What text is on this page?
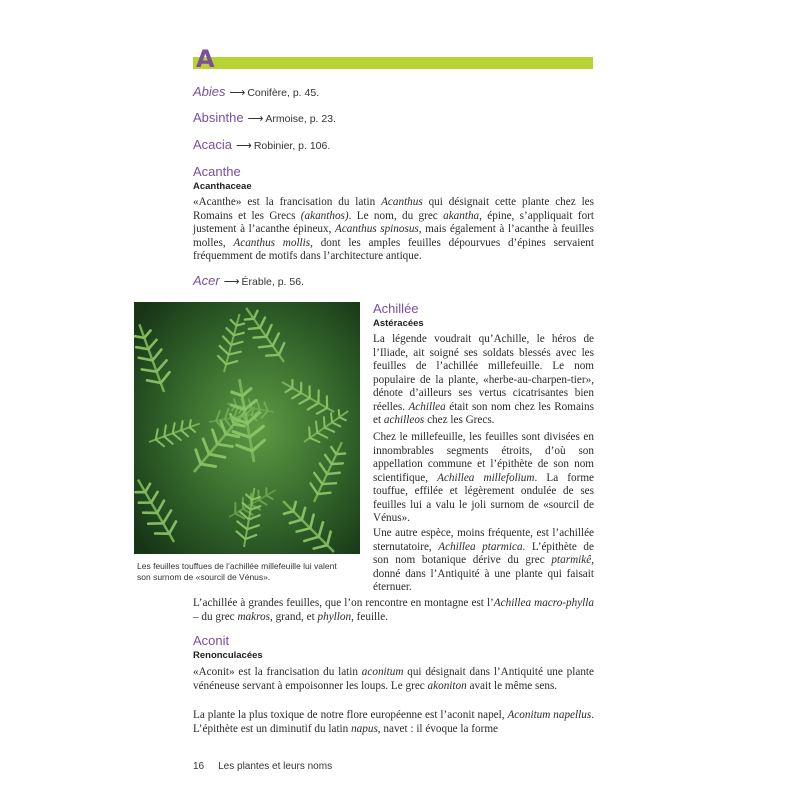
A
Abies ⟶ Conifère, p. 45.
Absinthe ⟶ Armoise, p. 23.
Acacia ⟶ Robinier, p. 106.
Acanthe
Acanthaceae

«Acanthe» est la francisation du latin Acanthus qui désignait cette plante chez les Romains et les Grecs (akanthos). Le nom, du grec akantha, épine, s’appliquait fort justement à l’acanthe épineux, Acanthus spinosus, mais également à l’acanthe à feuilles molles, Acanthus mollis, dont les amples feuilles dépourvues d’épines servaient fréquemment de motifs dans l’architecture antique.

Acer ⟶ Érable, p. 56.

Les feuilles touffues de l’achillée millefeuille lui valent son surnom de «sourcil de Vénus».

Achillée
Astéracées

La légende voudrait qu’Achille, le héros de l’Iliade, ait soigné ses soldats blessés avec les feuilles de l’achillée millefeuille. Le nom populaire de la plante, «herbe-au-charpen-tier», dénote d’ailleurs ses vertus cicatrisantes bien réelles. Achillea était son nom chez les Romains et achilleos chez les Grecs.

Chez le millefeuille, les feuilles sont divisées en innombrables segments étroits, d’où son appellation commune et l’épithète de son nom scientifique, Achillea millefolium. La forme touffue, effilée et légèrement ondulée de ses feuilles lui a valu le joli surnom de «sourcil de Vénus».

Une autre espèce, moins fréquente, est l’achillée sternutatoire, Achillea ptarmica. L’épithète de son nom botanique dérive du grec ptarmikê, donné dans l’Antiquité à une plante qui faisait éternuer.

L’achillée à grandes feuilles, que l’on rencontre en montagne est l’Achillea macro-phylla – du grec makros, grand, et phyllon, feuille.

Aconit
Renonculacées

«Aconit» est la francisation du latin aconitum qui désignait dans l’Antiquité une plante vénéneuse servant à empoisonner les loups. Le grec akoniton avait le même sens.

La plante la plus toxique de notre flore européenne est l’aconit napel, Aconitum napellus. L’épithète est un diminutif du latin napus, navet : il évoque la forme

16 Les plantes et leurs noms
